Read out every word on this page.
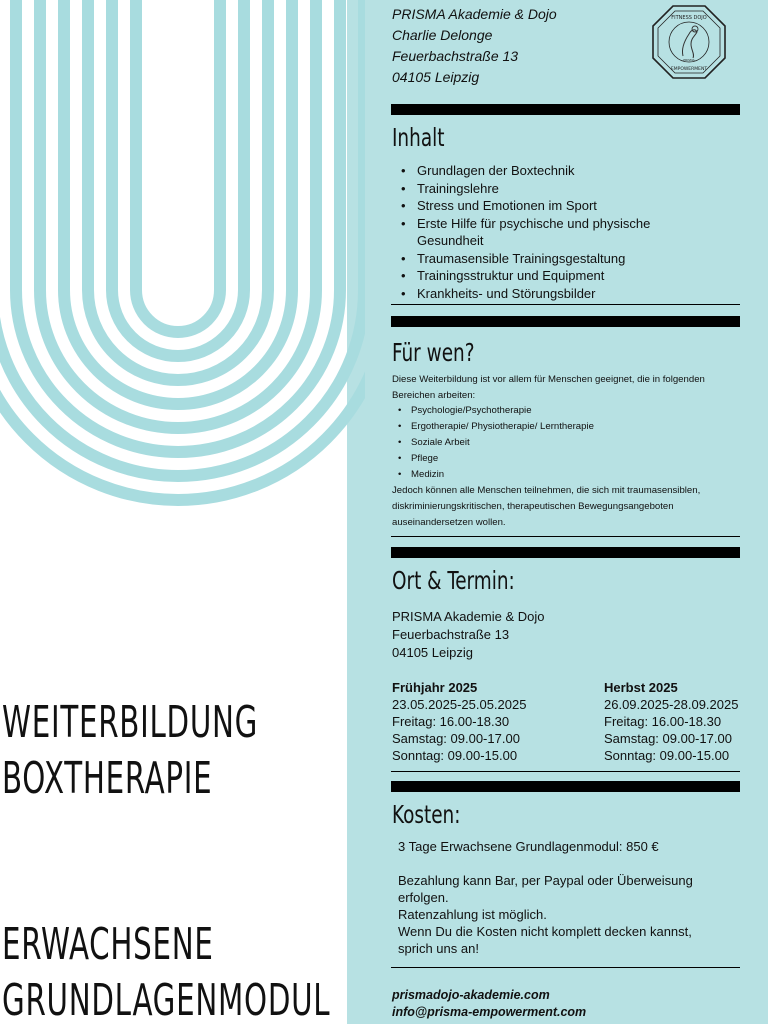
PRISMA Akademie & Dojo
Charlie Delonge
Feuerbachstraße 13
04105 Leipzig
FITNESS DOJO
EMPOWERMENT
PRISMA
Inhalt
• Grundlagen der Boxtechnik
• Trainingslehre
• Stress und Emotionen im Sport
• Erste Hilfe für psychische und physische Gesundheit
• Traumasensible Trainingsgestaltung
• Trainingsstruktur und Equipment
• Krankheits- und Störungsbilder
Für wen?
Diese Weiterbildung ist vor allem für Menschen geeignet, die in folgenden Bereichen arbeiten:
• Psychologie/Psychotherapie
• Ergotherapie/ Physiotherapie/ Lerntherapie
• Soziale Arbeit
• Pflege
• Medizin
Jedoch können alle Menschen teilnehmen, die sich mit traumasensiblen, diskriminierungskritischen, therapeutischen Bewegungsangeboten auseinandersetzen wollen.
Ort & Termin:
PRISMA Akademie & Dojo
Feuerbachstraße 13
04105 Leipzig
Frühjahr 2025
23.05.2025-25.05.2025
Freitag: 16.00-18.30
Samstag: 09.00-17.00
Sonntag: 09.00-15.00
Herbst 2025
26.09.2025-28.09.2025
Freitag: 16.00-18.30
Samstag: 09.00-17.00
Sonntag: 09.00-15.00
Kosten:
3 Tage Erwachsene Grundlagenmodul: 850 €
Bezahlung kann Bar, per Paypal oder Überweisung erfolgen.
Ratenzahlung ist möglich.
Wenn Du die Kosten nicht komplett decken kannst, sprich uns an!
prismadojo-akademie.com
info@prisma-empowerment.com
WEITERBILDUNG
BOXTHERAPIE
ERWACHSENE
GRUNDLAGENMODUL
